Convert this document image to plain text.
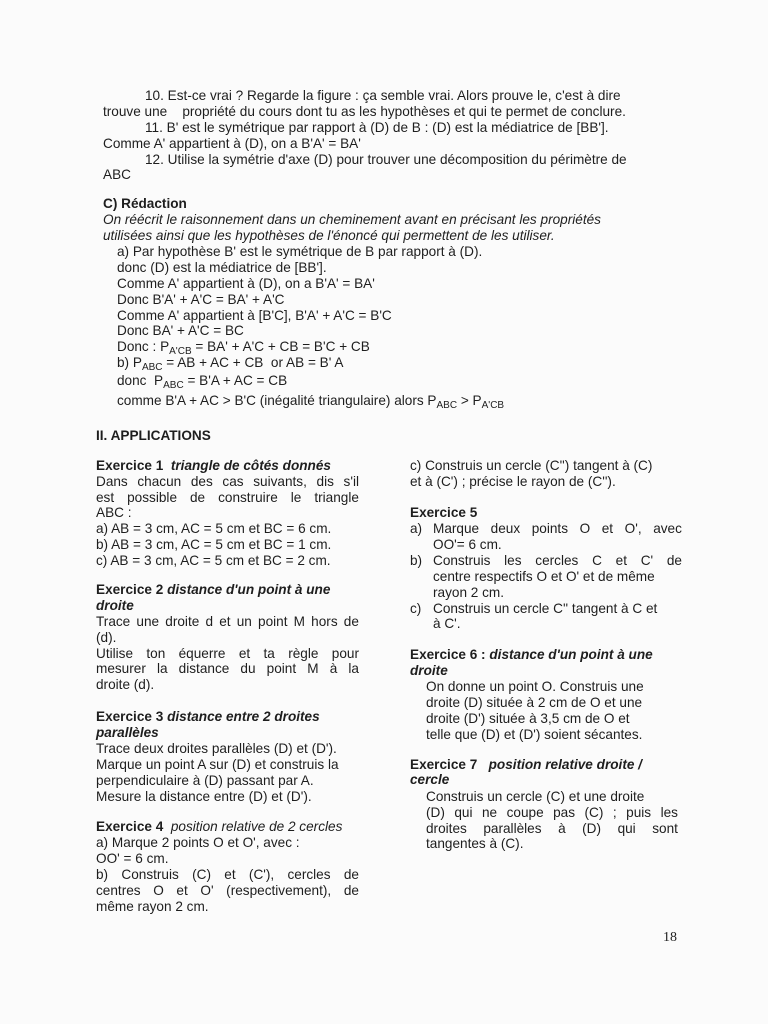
10. Est-ce vrai ? Regarde la figure : ça semble vrai. Alors prouve le, c'est à dire
trouve une    propriété du cours dont tu as les hypothèses et qui te permet de conclure.
11. B' est le symétrique par rapport à (D) de B : (D) est la médiatrice de [BB'].
Comme A' appartient à (D), on a B'A' = BA'
12. Utilise la symétrie d'axe (D) pour trouver une décomposition du périmètre de
ABC
C) Rédaction
On réécrit le raisonnement dans un cheminement avant en précisant les propriétés
utilisées ainsi que les hypothèses de l'énoncé qui permettent de les utiliser.
a) Par hypothèse B' est le symétrique de B par rapport à (D).
donc (D) est la médiatrice de [BB'].
Comme A' appartient à (D), on a B'A' = BA'
Donc B'A' + A'C = BA' + A'C
Comme A' appartient à [B'C], B'A' + A'C = B'C
Donc BA' + A'C = BC
Donc : $P_{A'CB} = BA' + A'C$ + CB = B'C + CB
b) $P_{ABC}$ = AB + AC + CB  or AB = B' A
donc  $P_{ABC} = B'A$ + AC = CB
comme B'A + AC > B'C (inégalité triangulaire) alors $P_{ABC} > P_{A'CB}$
II. APPLICATIONS
Exercice 1 triangle de côtés donnés
Dans chacun des cas suivants, dis s'il
est possible de construire le triangle
ABC :
a) AB = 3 cm, AC = 5 cm et BC = 6 cm.
b) AB = 3 cm, AC = 5 cm et BC = 1 cm.
c) AB = 3 cm, AC = 5 cm et BC = 2 cm.
Exercice 2 distance d'un point à une
droite
Trace une droite d et un point M hors de
(d).
Utilise ton équerre et ta règle pour
mesurer la distance du point M à la
droite (d).
Exercice 3 distance entre 2 droites
parallèles
Trace deux droites parallèles (D) et (D').
Marque un point A sur (D) et construis la
perpendiculaire à (D) passant par A.
Mesure la distance entre (D) et (D').
Exercice 4 position relative de 2 cercles
a) Marque 2 points O et O', avec :
OO' = 6 cm.
b) Construis (C) et (C'), cercles de
centres O et O' (respectivement), de
même rayon 2 cm.
c) Construis un cercle (C'') tangent à (C)
et à (C') ; précise le rayon de (C'').
Exercice 5
a) Marque deux points O et O', avec
OO'= 6 cm.
b) Construis les cercles C et C' de
centre respectifs O et O' et de même
rayon 2 cm.
c) Construis un cercle C'' tangent à C et
à C'.
Exercice 6 : distance d'un point à une
droite
On donne un point O. Construis une
droite (D) située à 2 cm de O et une
droite (D') située à 3,5 cm de O et
telle que (D) et (D') soient sécantes.
Exercice 7 position relative droite /
cercle
Construis un cercle (C) et une droite
(D) qui ne coupe pas (C) ; puis les
droites parallèles à (D) qui sont
tangentes à (C).
18
